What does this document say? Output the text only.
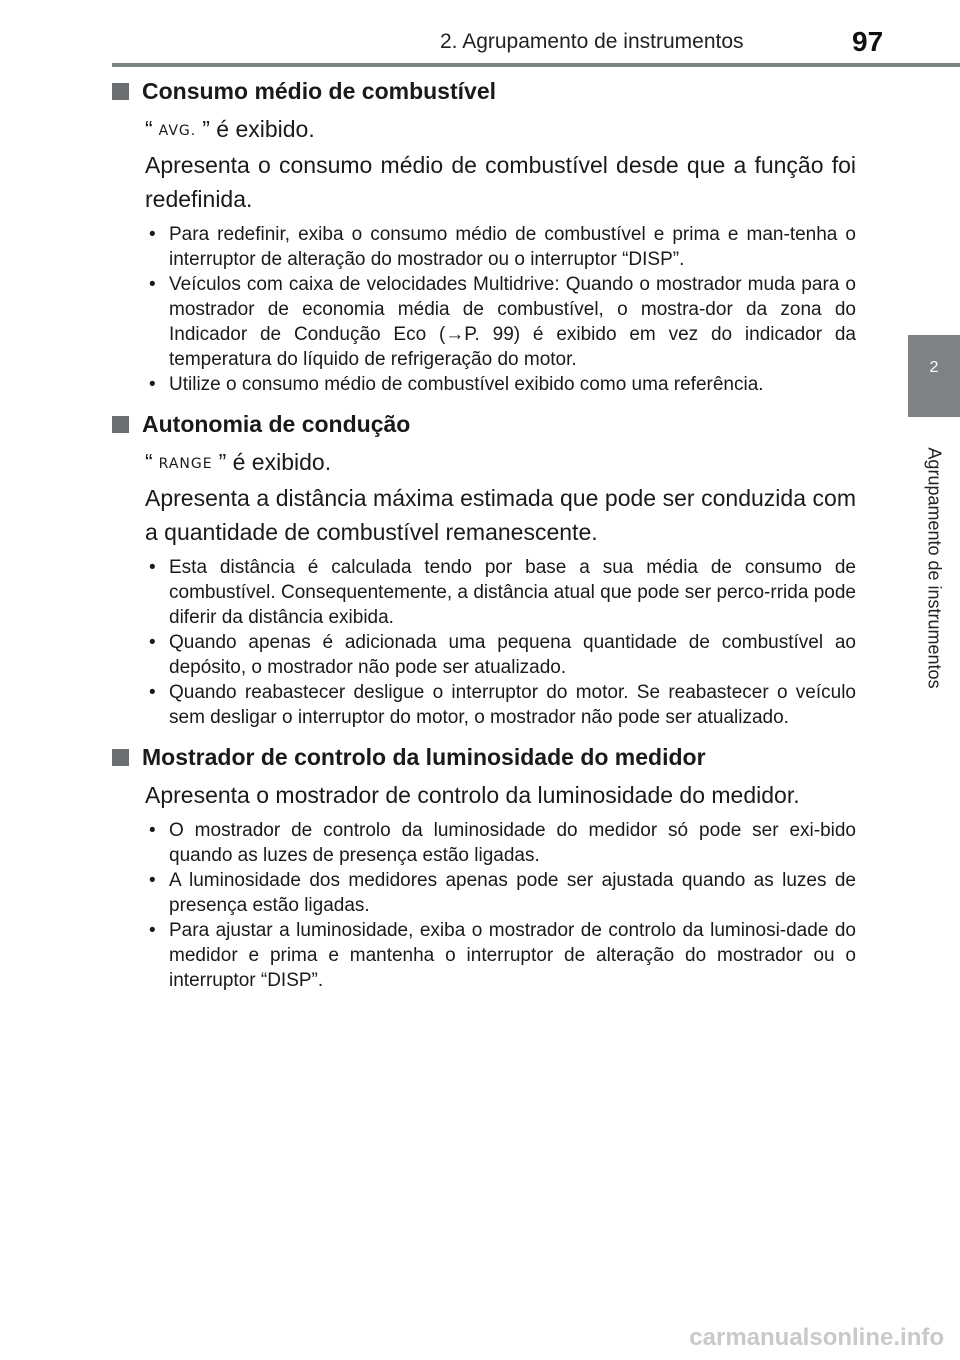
2. Agrupamento de instrumentos	97
2
Agrupamento de instrumentos
Consumo médio de combustível
“ AVG. ” é exibido.
Apresenta o consumo médio de combustível desde que a função foi redefinida.
• Para redefinir, exiba o consumo médio de combustível e prima e man-tenha o interruptor de alteração do mostrador ou o interruptor “DISP”.
• Veículos com caixa de velocidades Multidrive: Quando o mostrador muda para o mostrador de economia média de combustível, o mostra-dor da zona do Indicador de Condução Eco (→P. 99) é exibido em vez do indicador da temperatura do líquido de refrigeração do motor.
• Utilize o consumo médio de combustível exibido como uma referência.
Autonomia de condução
“ RANGE ” é exibido.
Apresenta a distância máxima estimada que pode ser conduzida com a quantidade de combustível remanescente.
• Esta distância é calculada tendo por base a sua média de consumo de combustível. Consequentemente, a distância atual que pode ser perco-rrida pode diferir da distância exibida.
• Quando apenas é adicionada uma pequena quantidade de combustível ao depósito, o mostrador não pode ser atualizado.
• Quando reabastecer desligue o interruptor do motor. Se reabastecer o veículo sem desligar o interruptor do motor, o mostrador não pode ser atualizado.
Mostrador de controlo da luminosidade do medidor
Apresenta o mostrador de controlo da luminosidade do medidor.
• O mostrador de controlo da luminosidade do medidor só pode ser exi-bido quando as luzes de presença estão ligadas.
• A luminosidade dos medidores apenas pode ser ajustada quando as luzes de presença estão ligadas.
• Para ajustar a luminosidade, exiba o mostrador de controlo da luminosi-dade do medidor e prima e mantenha o interruptor de alteração do mostrador ou o interruptor “DISP”.
carmanualsonline.info
